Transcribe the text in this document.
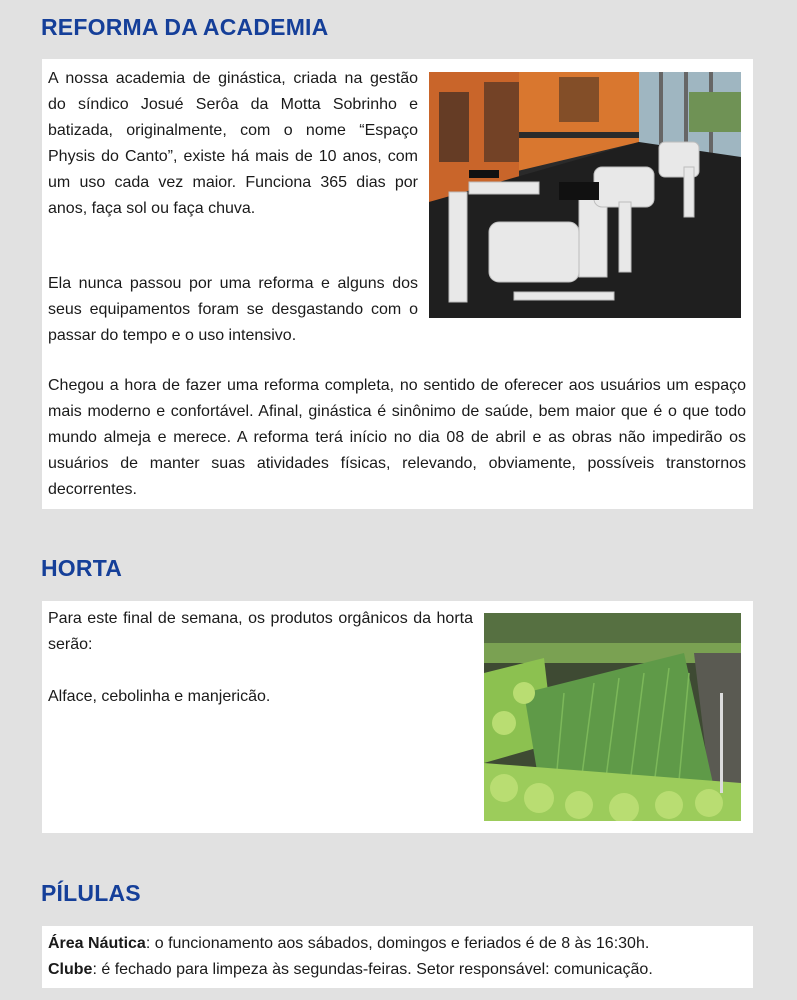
REFORMA DA ACADEMIA

A nossa academia de ginástica, criada na gestão do síndico Josué Serôa da Motta Sobrinho e batizada, originalmente, com o nome “Espaço Physis do Canto”, existe há mais de 10 anos, com um uso cada vez maior. Funciona 365 dias por anos, faça sol ou faça chuva.

Ela nunca passou por uma reforma e alguns dos seus equipamentos foram se desgastando com o passar do tempo e o uso intensivo.

Chegou a hora de fazer uma reforma completa, no sentido de oferecer aos usuários um espaço mais moderno e confortável. Afinal, ginástica é sinônimo de saúde, bem maior que é o que todo mundo almeja e merece. A reforma terá início no dia 08 de abril e as obras não impedirão os usuários de manter suas atividades físicas, relevando, obviamente, possíveis transtornos decorrentes.

HORTA

Para este final de semana, os produtos orgânicos da horta serão:

Alface, cebolinha e manjericão.

PÍLULAS

Área Náutica: o funcionamento aos sábados, domingos e feriados é de 8 às 16:30h.

Clube: é fechado para limpeza às segundas-feiras. Setor responsável: comunicação.
